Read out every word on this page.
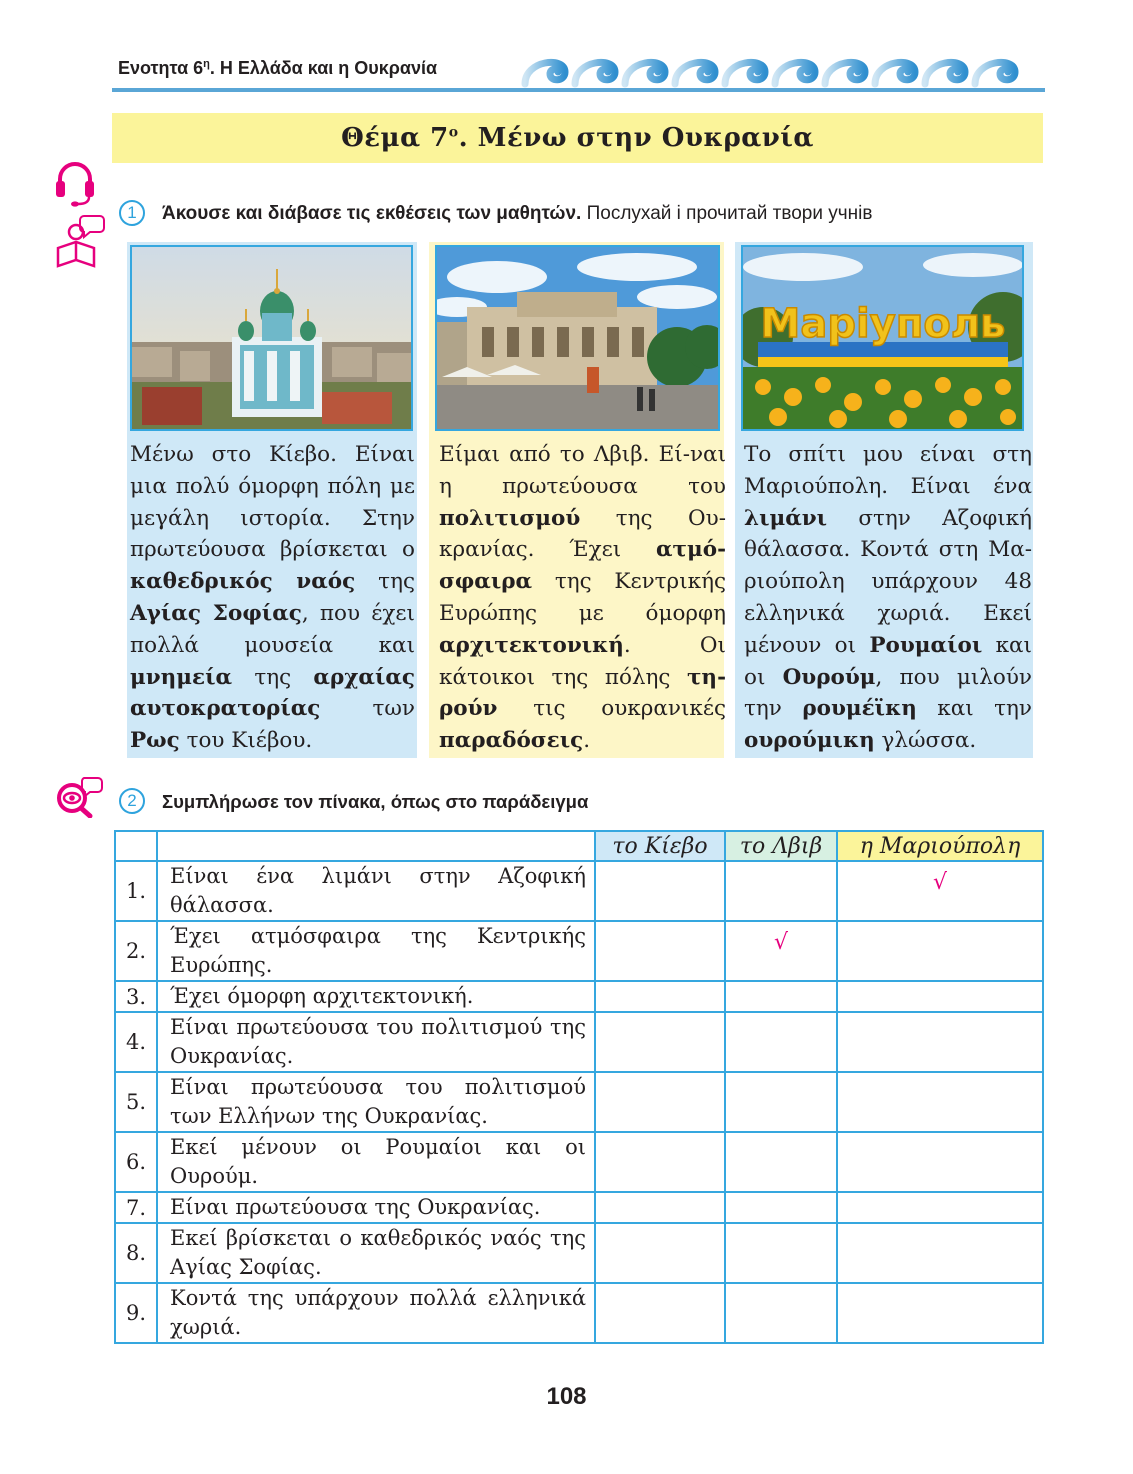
Ενοτητα $6^\eta$. Η Ελλάδα και η Ουκρανία
Θέμα $7^o$. Μένω στην Ουκρανία
1	Άκουσε και διάβασε τις εκθέσεις των μαθητών. Послухай і прочитай твори учнів
Μένω στο Κίεβο. Είναι μια πολύ όμορφη πόλη με μεγάλη ιστορία. Στην πρωτεύουσα βρίσκεται ο καθεδρικός ναός της Αγίας Σοφίας, που έχει πολλά μουσεία και μνημεία της αρχαίας αυτοκρατορίας των Ρως του Κιέβου.
Είμαι από το Λβιβ. Εί-ναι η πρωτεύουσα του πολιτισμού της Ου-κρανίας. Έχει ατμό-σφαιρα της Κεντρικής Ευρώπης με όμορφη αρχιτεκτονική. Οι κάτοικοι της πόλης τη-ρούν τις ουκρανικές παραδόσεις.
Маріуполь
Το σπίτι μου είναι στη Μαριούπολη. Είναι ένα λιμάνι στην Αζοφική θάλασσα. Κοντά στη Μα-ριούπολη υπάρχουν 48 ελληνικά χωριά. Εκεί μένουν οι Ρουμαίοι και οι Ουρούμ, που μιλούν την ρουμέϊκη και την ουρούμικη γλώσσα.
2	Συμπλήρωσε τον πίνακα, όπως στο παράδειγμα
		το Κίεβο	το Λβιβ	η Μαριούπολη
1.	Είναι ένα λιμάνι στην Αζοφική θάλασσα.			√

2.	Έχει ατμόσφαιρα της Κεντρικής Ευρώπης.		√	

3.	Έχει όμορφη αρχιτεκτονική.			
4.	Είναι πρωτεύουσα του πολιτισμού της Ουκρανίας.			
5.	Είναι πρωτεύουσα του πολιτισμού των Ελλήνων της Ουκρανίας.			
6.	Εκεί μένουν οι Ρουμαίοι και οι Ουρούμ.			
7.	Είναι πρωτεύουσα της Ουκρανίας.			
8.	Εκεί βρίσκεται ο καθεδρικός ναός της Αγίας Σοφίας.			
9.	Κοντά της υπάρχουν πολλά ελληνικά χωριά.			
108
